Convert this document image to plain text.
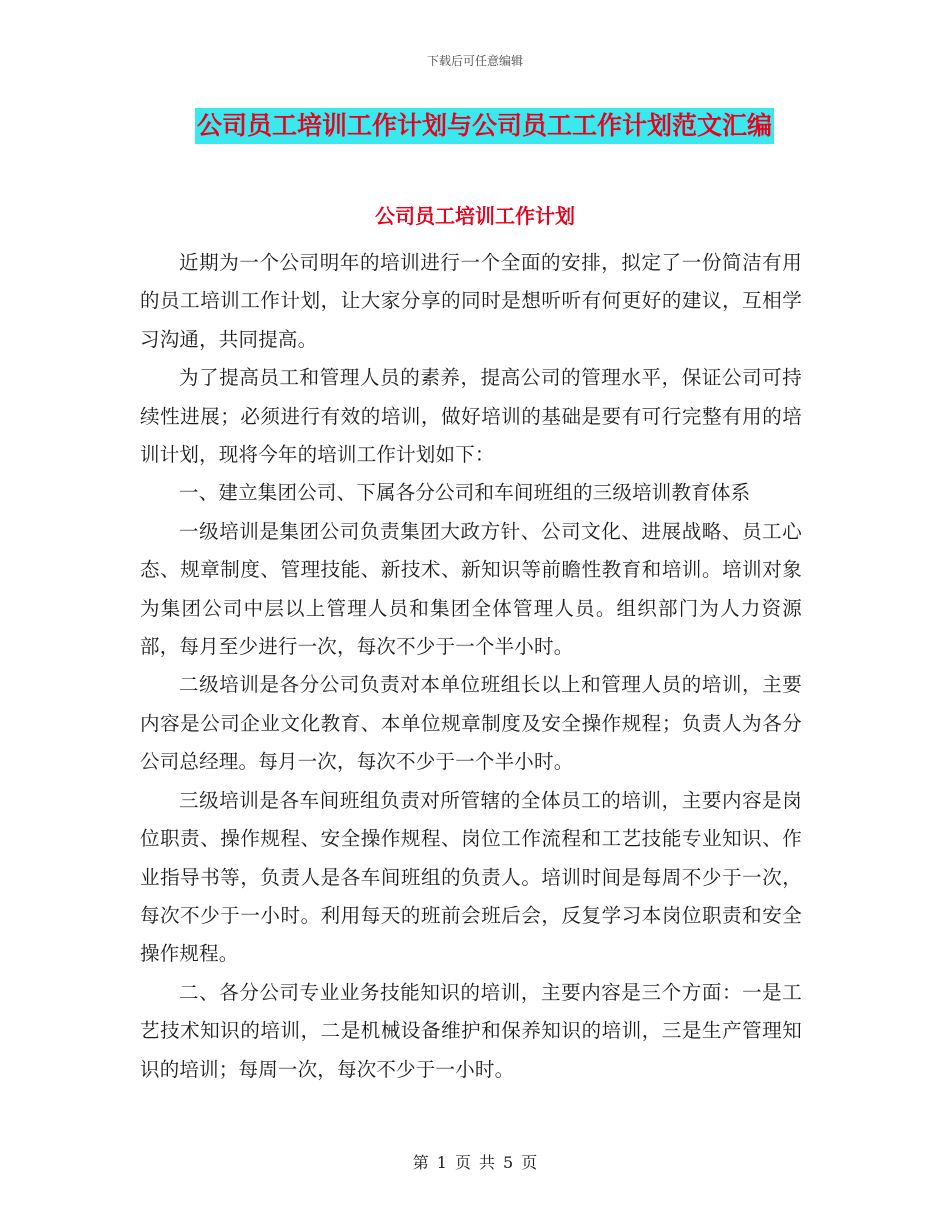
下载后可任意编辑
公司员工培训工作计划与公司员工工作计划范文汇编
公司员工培训工作计划

近期为一个公司明年的培训进行一个全面的安排，拟定了一份简洁有用的员工培训工作计划，让大家分享的同时是想听听有何更好的建议，互相学习沟通，共同提高。

为了提高员工和管理人员的素养，提高公司的管理水平，保证公司可持续性进展；必须进行有效的培训，做好培训的基础是要有可行完整有用的培训计划，现将今年的培训工作计划如下：

一、建立集团公司、下属各分公司和车间班组的三级培训教育体系

一级培训是集团公司负责集团大政方针、公司文化、进展战略、员工心态、规章制度、管理技能、新技术、新知识等前瞻性教育和培训。培训对象为集团公司中层以上管理人员和集团全体管理人员。组织部门为人力资源部，每月至少进行一次，每次不少于一个半小时。

二级培训是各分公司负责对本单位班组长以上和管理人员的培训，主要内容是公司企业文化教育、本单位规章制度及安全操作规程；负责人为各分公司总经理。每月一次，每次不少于一个半小时。

三级培训是各车间班组负责对所管辖的全体员工的培训，主要内容是岗位职责、操作规程、安全操作规程、岗位工作流程和工艺技能专业知识、作业指导书等，负责人是各车间班组的负责人。培训时间是每周不少于一次，每次不少于一小时。利用每天的班前会班后会，反复学习本岗位职责和安全操作规程。

二、各分公司专业业务技能知识的培训，主要内容是三个方面：一是工艺技术知识的培训，二是机械设备维护和保养知识的培训，三是生产管理知识的培训；每周一次，每次不少于一小时。

第 1 页 共 5 页
